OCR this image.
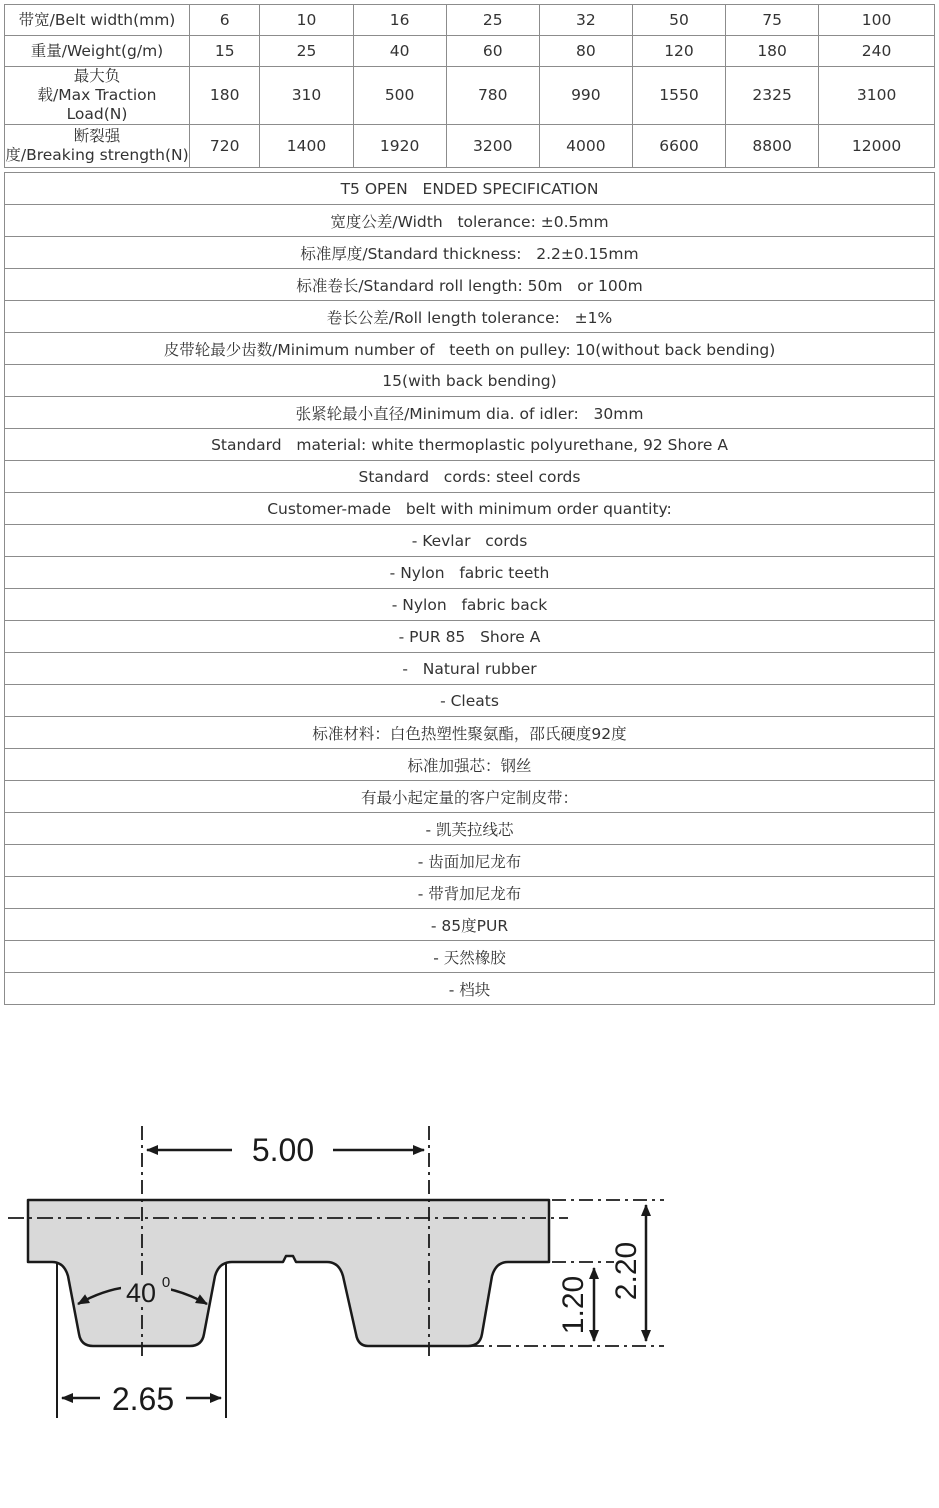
带宽/Belt width(mm)	6	10	16	25	32	50	75	100
重量/Weight(g/m)	15	25	40	60	80	120	180	240

最大负
载/Max Traction Load(N)	180	310	500	780	990	1550	2325	3100

断裂强
度/Breaking strength(N)	720	1400	1920	3200	4000	6600	8800	12000
T5 OPEN   ENDED SPECIFICATION
宽度公差/Width   tolerance: ±0.5mm
标准厚度/Standard thickness:   2.2±0.15mm
标准卷长/Standard roll length: 50m   or 100m
卷长公差/Roll length tolerance:   ±1%
皮带轮最少齿数/Minimum number of   teeth on pulley: 10(without back bending)
15(with back bending)
张紧轮最小直径/Minimum dia. of idler:   30mm
Standard   material: white thermoplastic polyurethane, 92 Shore A
Standard   cords: steel cords
Customer-made   belt with minimum order quantity:
- Kevlar   cords
- Nylon   fabric teeth
- Nylon   fabric back
- PUR 85   Shore A
-   Natural rubber
- Cleats
标准材料：白色热塑性聚氨酯，邵氏硬度92度
标准加强芯：钢丝
有最小起定量的客户定制皮带：
- 凯芙拉线芯
- 齿面加尼龙布
- 带背加尼龙布
- 85度PUR
- 天然橡胶
- 档块
5.00
40 0
2.65
1.20
2.20
